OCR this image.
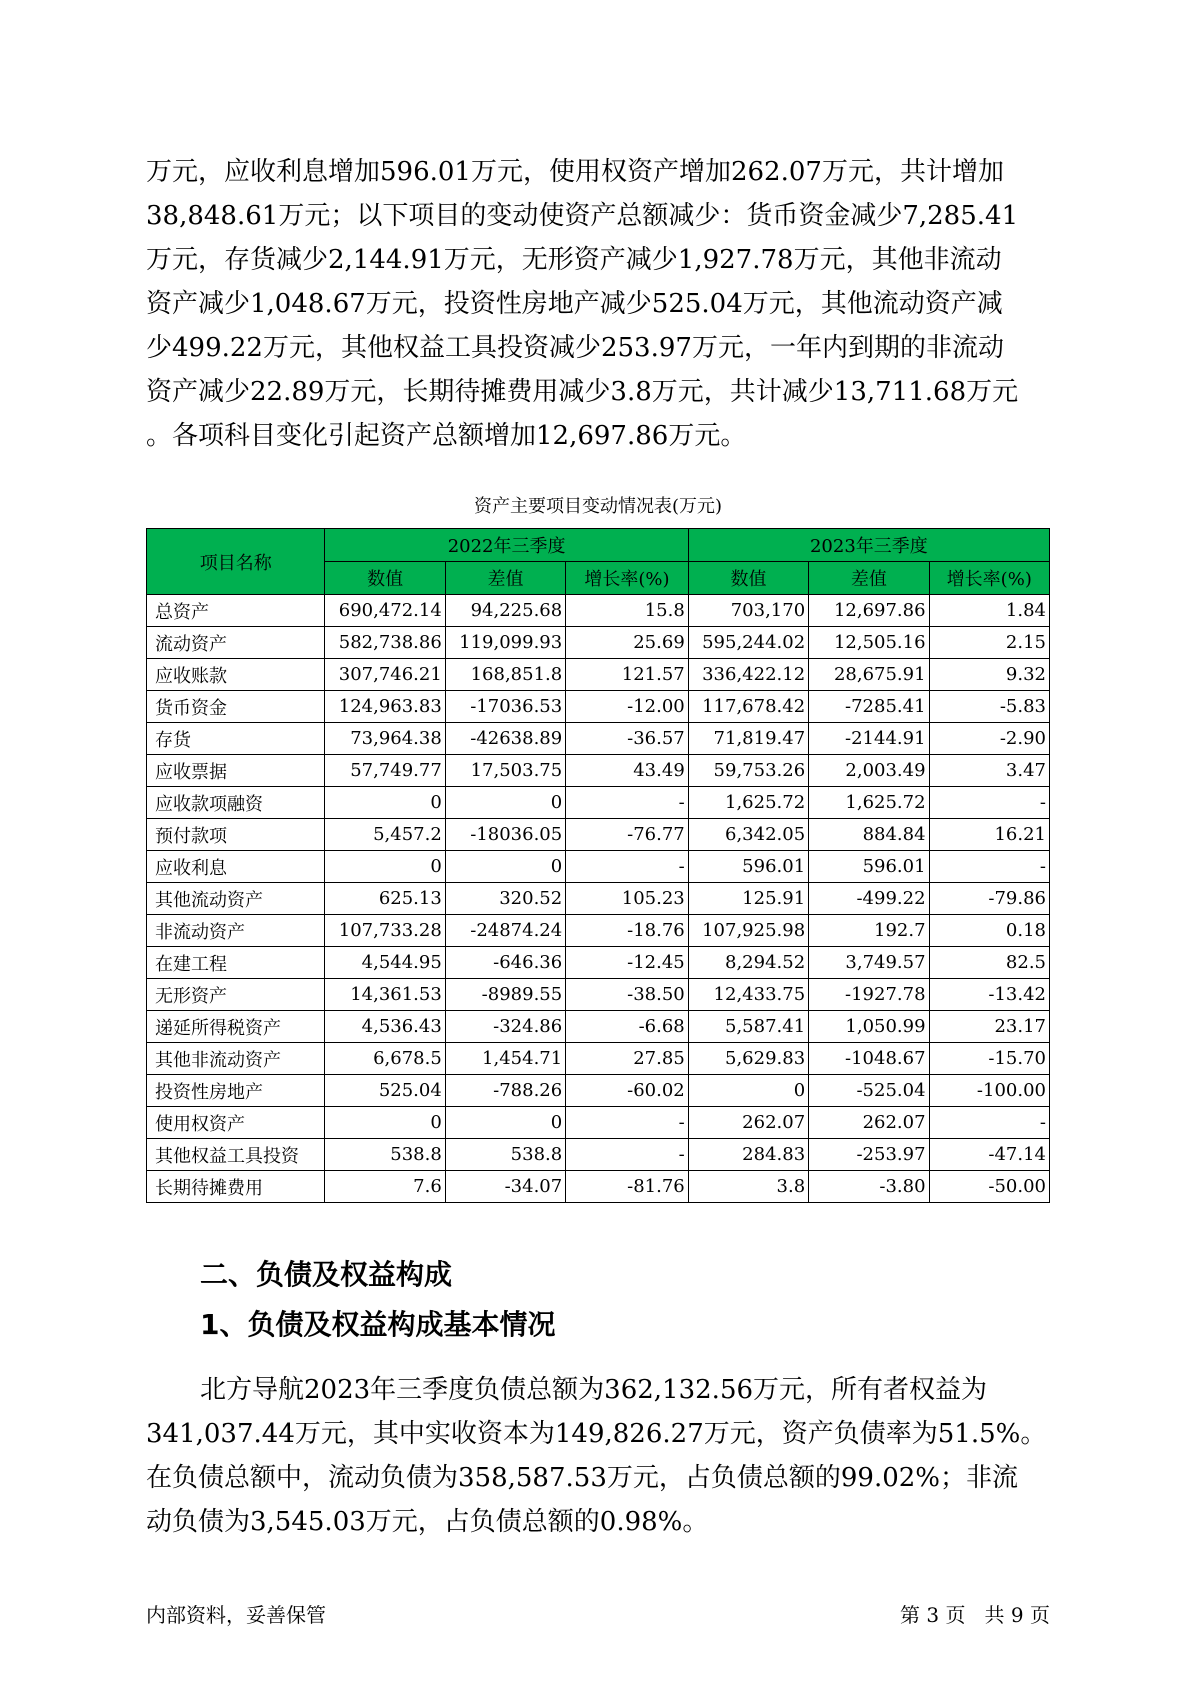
万元，应收利息增加596.01万元，使用权资产增加262.07万元，共计增加
38,848.61万元；以下项目的变动使资产总额减少：货币资金减少7,285.41
万元，存货减少2,144.91万元，无形资产减少1,927.78万元，其他非流动
资产减少1,048.67万元，投资性房地产减少525.04万元，其他流动资产减
少499.22万元，其他权益工具投资减少253.97万元，一年内到期的非流动
资产减少22.89万元，长期待摊费用减少3.8万元，共计减少13,711.68万元
。各项科目变化引起资产总额增加12,697.86万元。
资产主要项目变动情况表(万元)
项目名称	2022年三季度			2023年三季度		
	数值	差值	增长率(%)	数值	差值	增长率(%)
总资产	690,472.14	94,225.68	15.8	703,170	12,697.86	1.84
流动资产	582,738.86	119,099.93	25.69	595,244.02	12,505.16	2.15
应收账款	307,746.21	168,851.8	121.57	336,422.12	28,675.91	9.32
货币资金	124,963.83	-17036.53	-12.00	117,678.42	-7285.41	-5.83
存货	73,964.38	-42638.89	-36.57	71,819.47	-2144.91	-2.90
应收票据	57,749.77	17,503.75	43.49	59,753.26	2,003.49	3.47
应收款项融资	0	0	-	1,625.72	1,625.72	-
预付款项	5,457.2	-18036.05	-76.77	6,342.05	884.84	16.21
应收利息	0	0	-	596.01	596.01	-
其他流动资产	625.13	320.52	105.23	125.91	-499.22	-79.86
非流动资产	107,733.28	-24874.24	-18.76	107,925.98	192.7	0.18
在建工程	4,544.95	-646.36	-12.45	8,294.52	3,749.57	82.5
无形资产	14,361.53	-8989.55	-38.50	12,433.75	-1927.78	-13.42
递延所得税资产	4,536.43	-324.86	-6.68	5,587.41	1,050.99	23.17
其他非流动资产	6,678.5	1,454.71	27.85	5,629.83	-1048.67	-15.70
投资性房地产	525.04	-788.26	-60.02	0	-525.04	-100.00
使用权资产	0	0	-	262.07	262.07	-
其他权益工具投资	538.8	538.8	-	284.83	-253.97	-47.14
长期待摊费用	7.6	-34.07	-81.76	3.8	-3.80	-50.00
二、负债及权益构成
1、负债及权益构成基本情况
北方导航2023年三季度负债总额为362,132.56万元，所有者权益为
341,037.44万元，其中实收资本为149,826.27万元，资产负债率为51.5%。
在负债总额中，流动负债为358,587.53万元，占负债总额的99.02%；非流
动负债为3,545.03万元，占负债总额的0.98%。
内部资料，妥善保管	第 3 页   共 9 页
